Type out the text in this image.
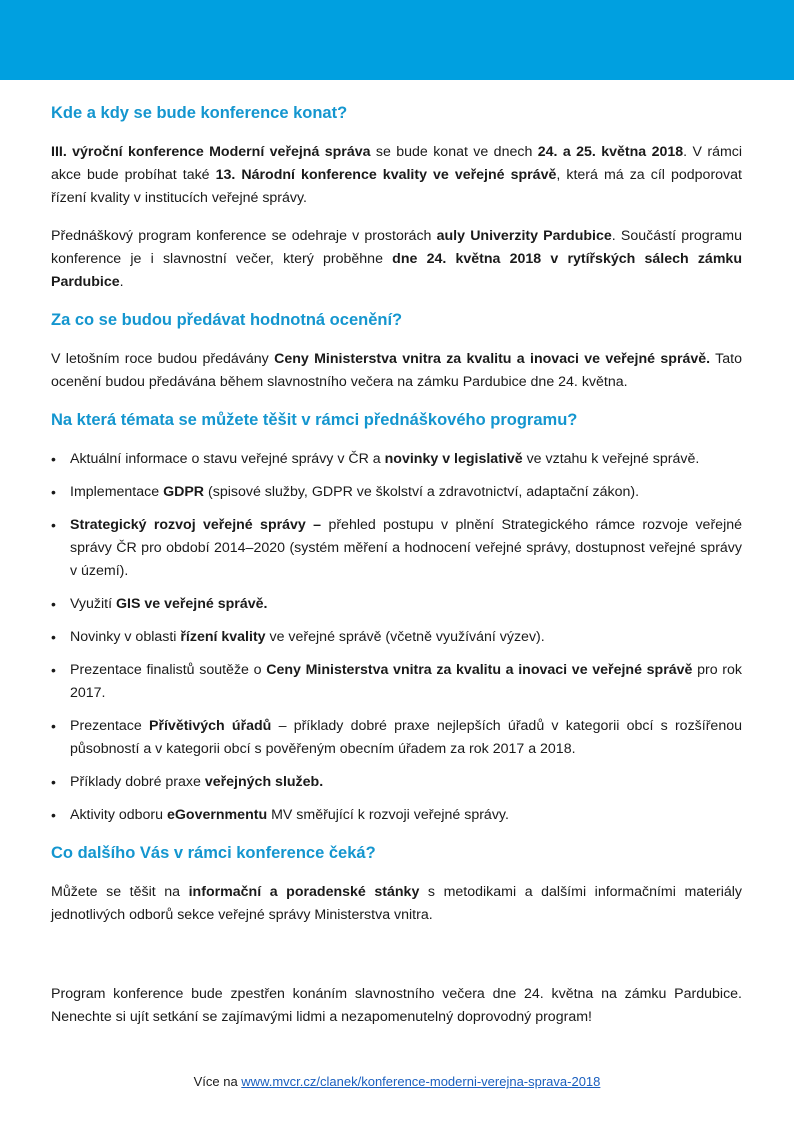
Kde a kdy se bude konference konat?

III. výroční konference Moderní veřejná správa se bude konat ve dnech 24. a 25. května 2018. V rámci akce bude probíhat také 13. Národní konference kvality ve veřejné správě, která má za cíl podporovat řízení kvality v institucích veřejné správy.

Přednáškový program konference se odehraje v prostorách auly Univerzity Pardubice. Součástí programu konference je i slavnostní večer, který proběhne dne 24. května 2018 v rytířských sálech zámku Pardubice.

Za co se budou předávat hodnotná ocenění?

V letošním roce budou předávány Ceny Ministerstva vnitra za kvalitu a inovaci ve veřejné správě. Tato ocenění budou předávána během slavnostního večera na zámku Pardubice dne 24. května.

Na která témata se můžete těšit v rámci přednáškového programu?
• Aktuální informace o stavu veřejné správy v ČR a novinky v legislativě ve vztahu k veřejné správě.
• Implementace GDPR (spisové služby, GDPR ve školství a zdravotnictví, adaptační zákon).
• Strategický rozvoj veřejné správy – přehled postupu v plnění Strategického rámce rozvoje veřejné správy ČR pro období 2014–2020 (systém měření a hodnocení veřejné správy, dostupnost veřejné správy v území).
• Využití GIS ve veřejné správě.
• Novinky v oblasti řízení kvality ve veřejné správě (včetně využívání výzev).
• Prezentace finalistů soutěže o Ceny Ministerstva vnitra za kvalitu a inovaci ve veřejné správě pro rok 2017.
• Prezentace Přívětivých úřadů – příklady dobré praxe nejlepších úřadů v kategorii obcí s rozšířenou působností a v kategorii obcí s pověřeným obecním úřadem za rok 2017 a 2018.
• Příklady dobré praxe veřejných služeb.
• Aktivity odboru eGovernmentu MV směřující k rozvoji veřejné správy.
Co dalšího Vás v rámci konference čeká?

Můžete se těšit na informační a poradenské stánky s metodikami a dalšími informačními materiály jednotlivých odborů sekce veřejné správy Ministerstva vnitra.

Program konference bude zpestřen konáním slavnostního večera dne 24. května na zámku Pardubice. Nenechte si ujít setkání se zajímavými lidmi a nezapomenutelný doprovodný program!

Více na www.mvcr.cz/clanek/konference-moderni-verejna-sprava-2018
